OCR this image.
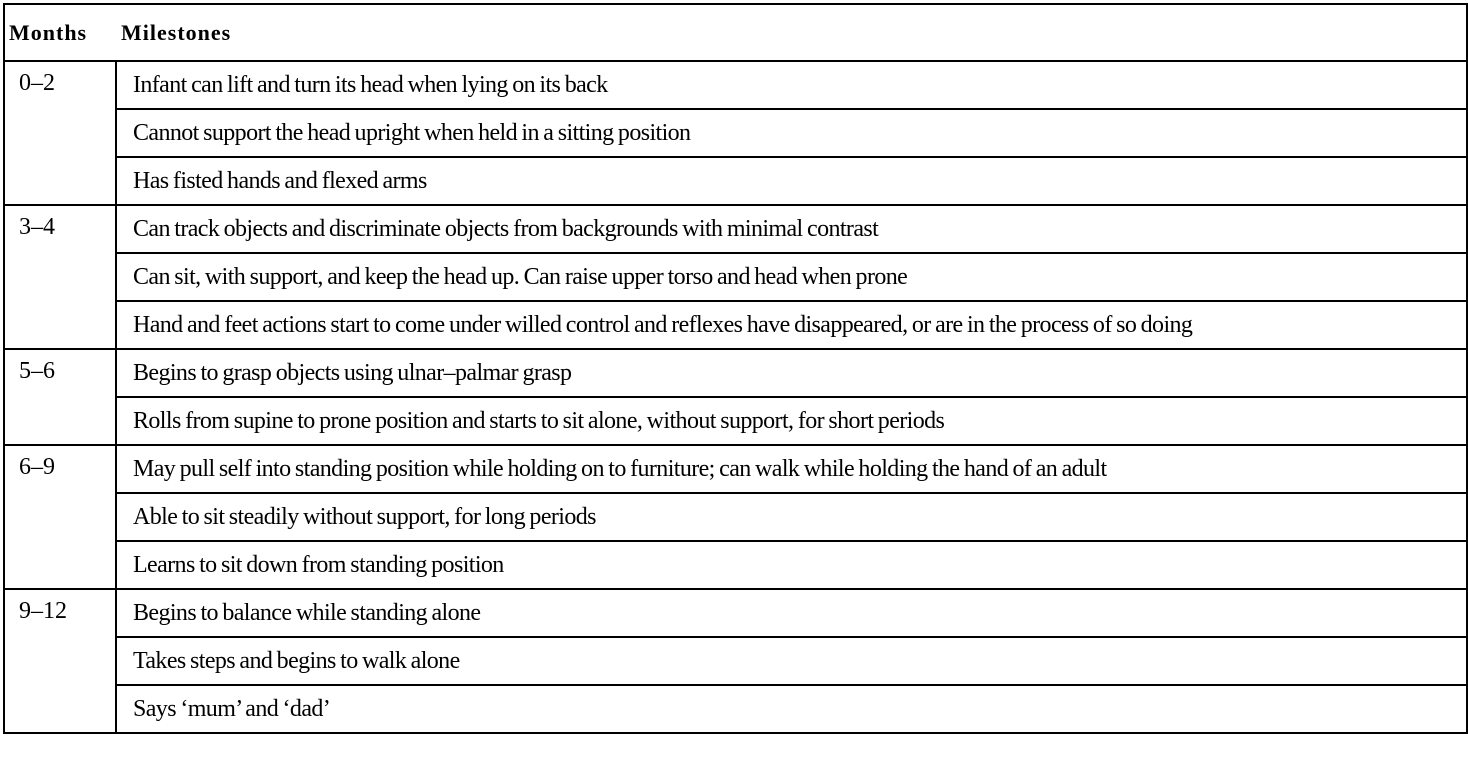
Months Milestones	

0–2	Infant can lift and turn its head when lying on its back
	Cannot support the head upright when held in a sitting position
	Has fisted hands and flexed arms
3–4	Can track objects and discriminate objects from backgrounds with minimal contrast
	Can sit, with support, and keep the head up. Can raise upper torso and head when prone
	Hand and feet actions start to come under willed control and reflexes have disappeared, or are in the process of so doing
5–6	Begins to grasp objects using ulnar–palmar grasp
	Rolls from supine to prone position and starts to sit alone, without support, for short periods
6–9	May pull self into standing position while holding on to furniture; can walk while holding the hand of an adult
	Able to sit steadily without support, for long periods
	Learns to sit down from standing position
9–12	Begins to balance while standing alone
	Takes steps and begins to walk alone
	Says ‘mum’ and ‘dad’
